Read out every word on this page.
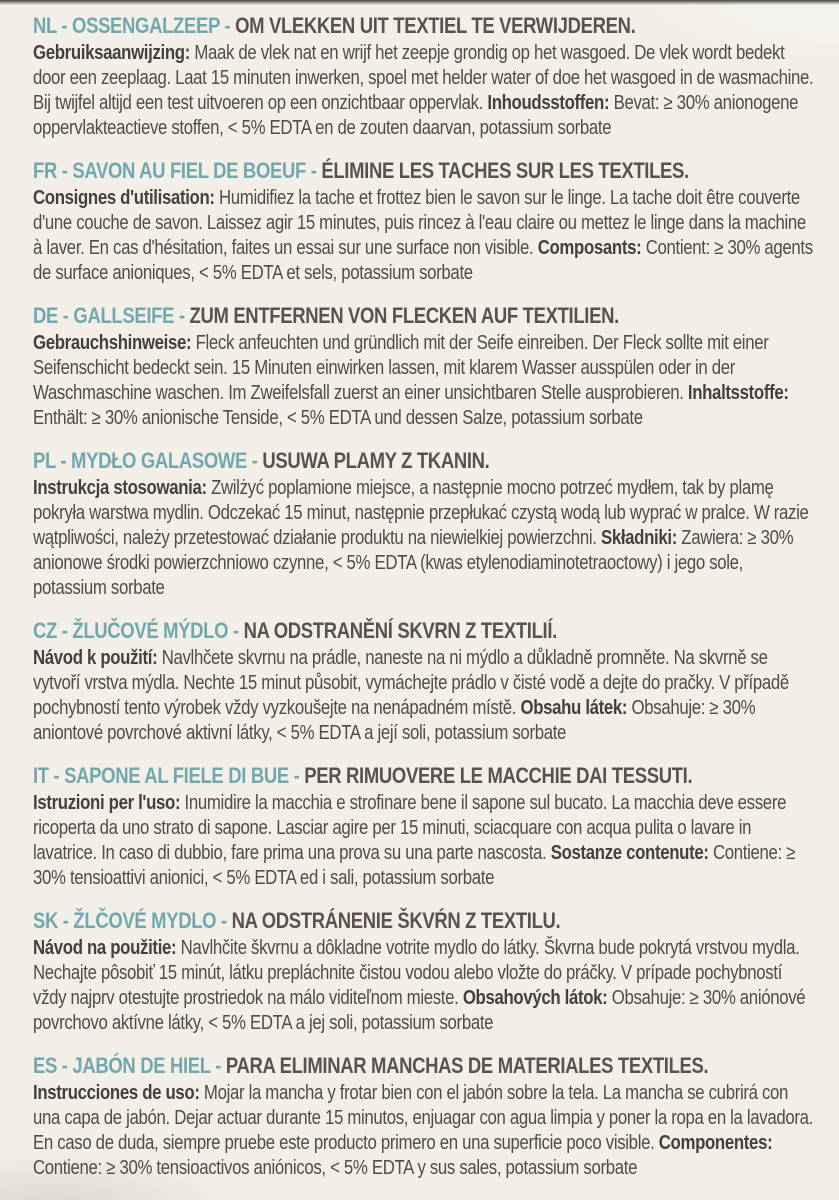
NL - OSSENGALZEEP - OM VLEKKEN UIT TEXTIEL TE VERWIJDEREN.

Gebruiksaanwijzing: Maak de vlek nat en wrijf het zeepje grondig op het wasgoed. De vlek wordt bedekt door een zeeplaag. Laat 15 minuten inwerken, spoel met helder water of doe het wasgoed in de wasmachine. Bij twijfel altijd een test uitvoeren op een onzichtbaar oppervlak. Inhoudsstoffen: Bevat: ≥ 30% anionogene oppervlakteactieve stoffen, < 5% EDTA en de zouten daarvan, potassium sorbate

FR - SAVON AU FIEL DE BOEUF - ÉLIMINE LES TACHES SUR LES TEXTILES.

Consignes d'utilisation: Humidifiez la tache et frottez bien le savon sur le linge. La tache doit être couverte d'une couche de savon. Laissez agir 15 minutes, puis rincez à l'eau claire ou mettez le linge dans la machine à laver. En cas d'hésitation, faites un essai sur une surface non visible. Composants: Contient: ≥ 30% agents de surface anioniques, < 5% EDTA et sels, potassium sorbate

DE - GALLSEIFE - ZUM ENTFERNEN VON FLECKEN AUF TEXTILIEN.

Gebrauchshinweise: Fleck anfeuchten und gründlich mit der Seife einreiben. Der Fleck sollte mit einer Seifenschicht bedeckt sein. 15 Minuten einwirken lassen, mit klarem Wasser ausspülen oder in der Waschmaschine waschen. Im Zweifelsfall zuerst an einer unsichtbaren Stelle ausprobieren. Inhaltsstoffe: Enthält: ≥ 30% anionische Tenside, < 5% EDTA und dessen Salze, potassium sorbate

PL - MYDŁO GALASOWE - USUWA PLAMY Z TKANIN.

Instrukcja stosowania: Zwilżyć poplamione miejsce, a następnie mocno potrzeć mydłem, tak by plamę pokryła warstwa mydlin. Odczekać 15 minut, następnie przepłukać czystą wodą lub wyprać w pralce. W razie wątpliwości, należy przetestować działanie produktu na niewielkiej powierzchni. Składniki: Zawiera: ≥ 30% anionowe środki powierzchniowo czynne, < 5% EDTA (kwas etylenodiaminotetraoctowy) i jego sole, potassium sorbate

CZ - ŽLUČOVÉ MÝDLO - NA ODSTRANĚNÍ SKVRN Z TEXTILIÍ.

Návod k použití: Navlhčete skvrnu na prádle, naneste na ni mýdlo a důkladně promněte. Na skvrně se vytvoří vrstva mýdla. Nechte 15 minut působit, vymáchejte prádlo v čisté vodě a dejte do pračky. V případě pochybností tento výrobek vždy vyzkoušejte na nenápadném místě. Obsahu látek: Obsahuje: ≥ 30% aniontové povrchové aktivní látky, < 5% EDTA a její soli, potassium sorbate

IT - SAPONE AL FIELE DI BUE - PER RIMUOVERE LE MACCHIE DAI TESSUTI.

Istruzioni per l'uso: Inumidire la macchia e strofinare bene il sapone sul bucato. La macchia deve essere ricoperta da uno strato di sapone. Lasciar agire per 15 minuti, sciacquare con acqua pulita o lavare in lavatrice. In caso di dubbio, fare prima una prova su una parte nascosta. Sostanze contenute: Contiene: ≥ 30% tensioattivi anionici, < 5% EDTA ed i sali, potassium sorbate

SK - ŽLČOVÉ MYDLO - NA ODSTRÁNENIE ŠKVŔN Z TEXTILU.

Návod na použitie: Navlhčite škvrnu a dôkladne votrite mydlo do látky. Škvrna bude pokrytá vrstvou mydla. Nechajte pôsobiť 15 minút, látku prepláchnite čistou vodou alebo vložte do práčky. V prípade pochybností vždy najprv otestujte prostriedok na málo viditeľnom mieste. Obsahových látok: Obsahuje: ≥ 30% aniónové povrchovo aktívne látky, < 5% EDTA a jej soli, potassium sorbate

ES - JABÓN DE HIEL - PARA ELIMINAR MANCHAS DE MATERIALES TEXTILES.

Instrucciones de uso: Mojar la mancha y frotar bien con el jabón sobre la tela. La mancha se cubrirá con una capa de jabón. Dejar actuar durante 15 minutos, enjuagar con agua limpia y poner la ropa en la lavadora. En caso de duda, siempre pruebe este producto primero en una superficie poco visible. Componentes: Contiene: ≥ 30% tensioactivos aniónicos, < 5% EDTA y sus sales, potassium sorbate
